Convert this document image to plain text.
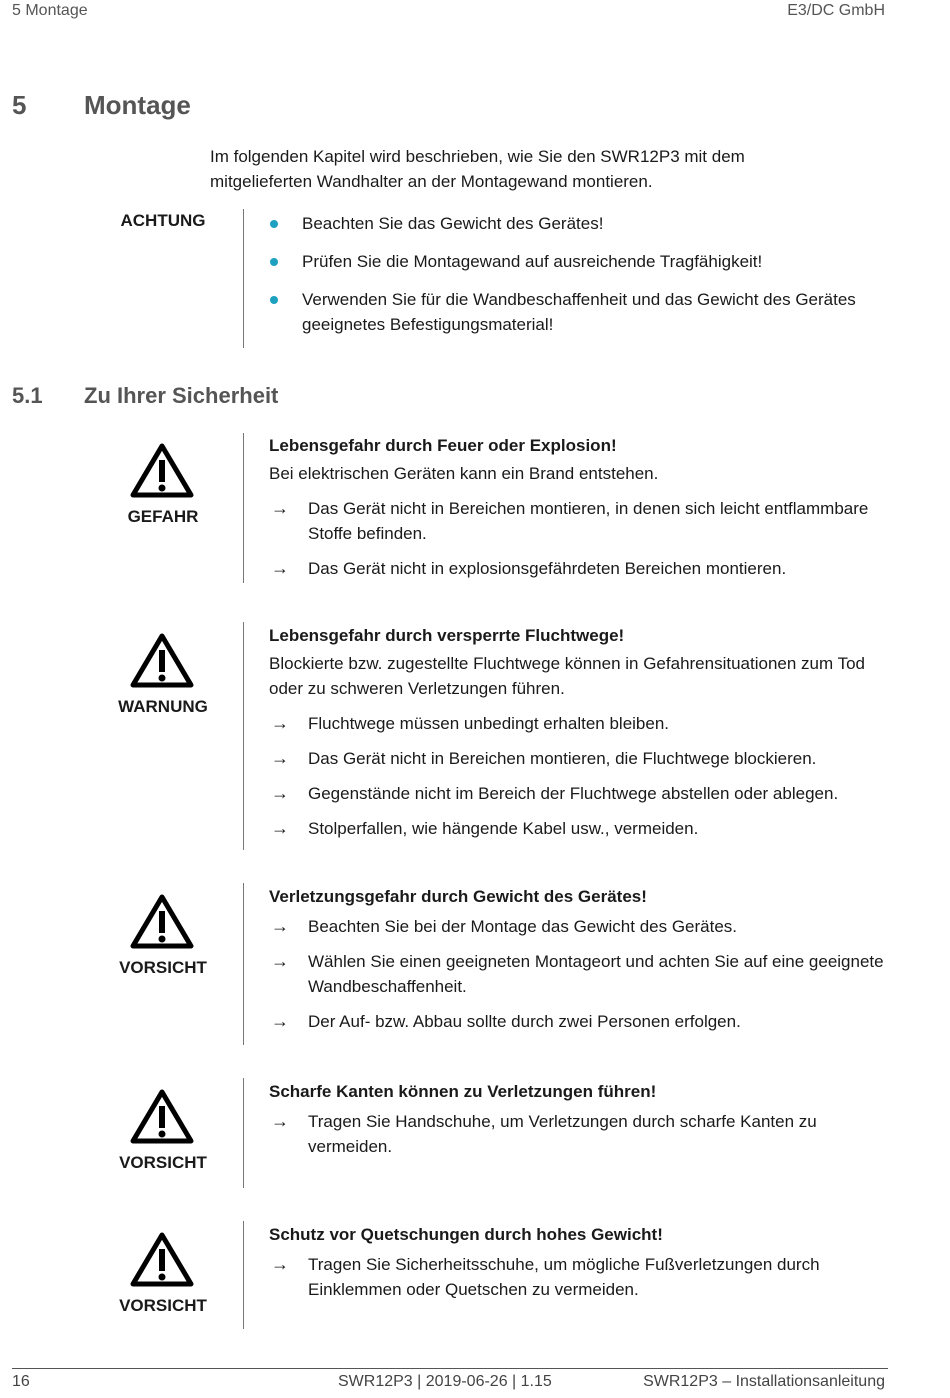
5 Montage	E3/DC GmbH
5 Montage
Im folgenden Kapitel wird beschrieben, wie Sie den SWR12P3 mit dem mitgelieferten Wandhalter an der Montagewand montieren.
ACHTUNG	Beachten Sie das Gewicht des Gerätes!
Prüfen Sie die Montagewand auf ausreichende Tragfähigkeit!
Verwenden Sie für die Wandbeschaffenheit und das Gewicht des Gerätes geeignetes Befestigungsmaterial!
5.1 Zu Ihrer Sicherheit
GEFAHR
Lebensgefahr durch Feuer oder Explosion!
Bei elektrischen Geräten kann ein Brand entstehen.
→ Das Gerät nicht in Bereichen montieren, in denen sich leicht entflammbare Stoffe befinden.
→ Das Gerät nicht in explosionsgefährdeten Bereichen montieren.
WARNUNG
Lebensgefahr durch versperrte Fluchtwege!
Blockierte bzw. zugestellte Fluchtwege können in Gefahrensituationen zum Tod oder zu schweren Verletzungen führen.
→ Fluchtwege müssen unbedingt erhalten bleiben.
→ Das Gerät nicht in Bereichen montieren, die Fluchtwege blockieren.
→ Gegenstände nicht im Bereich der Fluchtwege abstellen oder ablegen.
→ Stolperfallen, wie hängende Kabel usw., vermeiden.
VORSICHT
Verletzungsgefahr durch Gewicht des Gerätes!
→ Beachten Sie bei der Montage das Gewicht des Gerätes.
→ Wählen Sie einen geeigneten Montageort und achten Sie auf eine geeignete Wandbeschaffenheit.
→ Der Auf- bzw. Abbau sollte durch zwei Personen erfolgen.
VORSICHT
Scharfe Kanten können zu Verletzungen führen!
→ Tragen Sie Handschuhe, um Verletzungen durch scharfe Kanten zu vermeiden.
VORSICHT
Schutz vor Quetschungen durch hohes Gewicht!
→ Tragen Sie Sicherheitsschuhe, um mögliche Fußverletzungen durch Einklemmen oder Quetschen zu vermeiden.
16	SWR12P3 | 2019-06-26 | 1.15	SWR12P3 – Installationsanleitung
